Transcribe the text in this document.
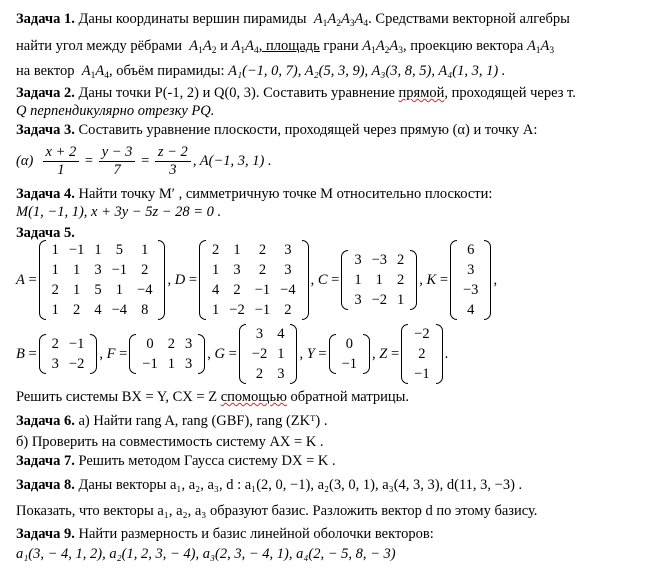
Задача 1. Даны координаты вершин пирамиды  $A_1A_2A_3A_4$. Средствами векторной алгебры
найти угол между рёбрами  $A_1A_2$ и $A_1A_4$, площадь грани $A_1A_2A_3$, проекцию вектора $A_1A_3$
на вектор  $A_1A_4$, объём пирамиды: A₁(−1, 0, 7), A₂(5, 3, 9), A₃(3, 8, 5), A₄(1, 3, 1) .
Задача 2. Даны точки P(-1, 2) и Q(0, 3). Составить уравнение прямой, проходящей через т.
Q перпендикулярно отрезку PQ.
Задача 3. Составить уравнение плоскости, проходящей через прямую (α) и точку А:
(α)
$\frac{x + 2}{1} = \frac{y - 3}{7} = \frac{z - 2}{3}$ , A(−1, 3, 1) .
Задача 4. Найти точку M′ , симметричную точке M относительно плоскости:
M(1, −1, 1), x + 3y − 5z − 28 = 0 .
Задача 5.
A =
1	−1	1	5	1
1	1	3	−1	2
2	1	5	1	−4
1	2	4	−4	8
, D =
2	1	2	3
1	3	2	3
4	2	−1	−4
1	−2	−1	2
, C =
3	−3	2
1	1	2
3	−2	1
, K =
6
3
−3
4
,
B =
2	−1
3	−2
, F =
0	2	3
−1	1	3
, G =
3	4
−2	1
2	3
, Y =
0
−1
, Z =
−2
2
−1
.
Решить системы BX = Y, CX = Z спомощью обратной матрицы.
Задача 6. а) Найти rang A, rang (GBF), rang (ZKᵀ) .
б) Проверить на совместимость систему AX = K .
Задача 7. Решить методом Гаусса систему DX = K .
Задача 8. Даны векторы a₁, a₂, a₃, d : a₁(2, 0, −1), a₂(3, 0, 1), a₃(4, 3, 3), d(11, 3, −3) .
Показать, что векторы a₁, a₂, a₃ образуют базис. Разложить вектор d по этому базису.
Задача 9. Найти размерность и базис линейной оболочки векторов:
a₁(3, − 4, 1, 2), a₂(1, 2, 3, − 4), a₃(2, 3, − 4, 1), a₄(2, − 5, 8, − 3)
